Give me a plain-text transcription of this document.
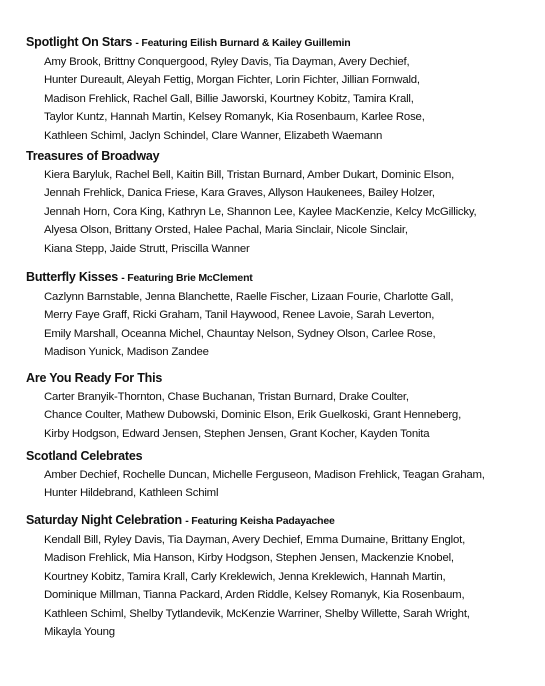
Spotlight On Stars - Featuring Eilish Burnard & Kailey Guillemin
Amy Brook, Brittny Conquergood, Ryley Davis, Tia Dayman, Avery Dechief,
Hunter Dureault, Aleyah Fettig, Morgan Fichter, Lorin Fichter, Jillian Fornwald,
Madison Frehlick, Rachel Gall, Billie Jaworski, Kourtney Kobitz, Tamira Krall,
Taylor Kuntz, Hannah Martin, Kelsey Romanyk, Kia Rosenbaum, Karlee Rose,
Kathleen Schiml, Jaclyn Schindel, Clare Wanner, Elizabeth Waemann
Treasures of Broadway
Kiera Baryluk, Rachel Bell, Kaitin Bill, Tristan Burnard, Amber Dukart, Dominic Elson,
Jennah Frehlick, Danica Friese, Kara Graves, Allyson Haukenees, Bailey Holzer,
Jennah Horn, Cora King, Kathryn Le, Shannon Lee, Kaylee MacKenzie, Kelcy McGillicky,
Alyesa Olson, Brittany Orsted, Halee Pachal, Maria Sinclair, Nicole Sinclair,
Kiana Stepp, Jaide Strutt, Priscilla Wanner
Butterfly Kisses - Featuring Brie McClement
Cazlynn Barnstable, Jenna Blanchette, Raelle Fischer, Lizaan Fourie, Charlotte Gall,
Merry Faye Graff, Ricki Graham, Tanil Haywood, Renee Lavoie, Sarah Leverton,
Emily Marshall, Oceanna Michel, Chauntay Nelson, Sydney Olson, Carlee Rose,
Madison Yunick, Madison Zandee
Are You Ready For This
Carter Branyik-Thornton, Chase Buchanan, Tristan Burnard, Drake Coulter,
Chance Coulter, Mathew Dubowski, Dominic Elson, Erik Guelkoski, Grant Henneberg,
Kirby Hodgson, Edward Jensen, Stephen Jensen, Grant Kocher, Kayden Tonita
Scotland Celebrates
Amber Dechief, Rochelle Duncan, Michelle Ferguseon, Madison Frehlick, Teagan Graham,
Hunter Hildebrand, Kathleen Schiml
Saturday Night Celebration - Featuring Keisha Padayachee
Kendall Bill, Ryley Davis, Tia Dayman, Avery Dechief, Emma Dumaine, Brittany Englot,
Madison Frehlick, Mia Hanson, Kirby Hodgson, Stephen Jensen, Mackenzie Knobel,
Kourtney Kobitz, Tamira Krall, Carly Kreklewich, Jenna Kreklewich, Hannah Martin,
Dominique Millman, Tianna Packard, Arden Riddle, Kelsey Romanyk, Kia Rosenbaum,
Kathleen Schiml, Shelby Tytlandevik, McKenzie Warriner, Shelby Willette, Sarah Wright,
Mikayla Young
